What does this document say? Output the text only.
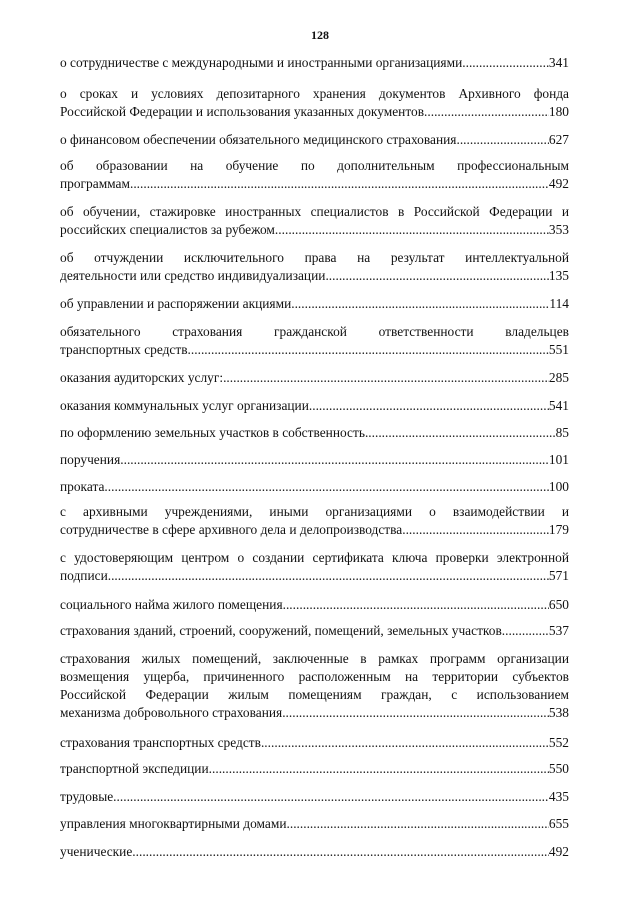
128
о сотрудничестве с международными и иностранными организациями .....	341
о сроках и условиях депозитарного хранения документов Архивного фонда
Российской Федерации и использования указанных документов .....	180
о финансовом обеспечении обязательного медицинского страхования .....	627
об образовании на обучение по дополнительным профессиональным
программам .....	492
об обучении, стажировке иностранных специалистов в Российской Федерации и
российских специалистов за рубежом .....	353
об отчуждении исключительного права на результат интеллектуальной
деятельности или средство индивидуализации .....	135
об управлении и распоряжении акциями .....	114
обязательного страхования гражданской ответственности владельцев
транспортных средств .....	551
оказания аудиторских услуг: .....	285
оказания коммунальных услуг организации .....	541
по оформлению земельных участков в собственность .....	85
поручения .....	101
проката .....	100
с архивными учреждениями, иными организациями о взаимодействии и
сотрудничестве в сфере архивного дела и делопроизводства .....	179
с удостоверяющим центром о создании сертификата ключа проверки электронной
подписи .....	571
социального найма жилого помещения .....	650
страхования зданий, строений, сооружений, помещений, земельных участков. .....	537
страхования жилых помещений, заключенные в рамках программ организации
возмещения ущерба, причиненного расположенным на территории субъектов
Российской Федерации жилым помещениям граждан, с использованием
механизма добровольного страхования .....	538
страхования транспортных средств .....	552
транспортной экспедиции .....	550
трудовые .....	435
управления многоквартирными домами .....	655
ученические .....	492
